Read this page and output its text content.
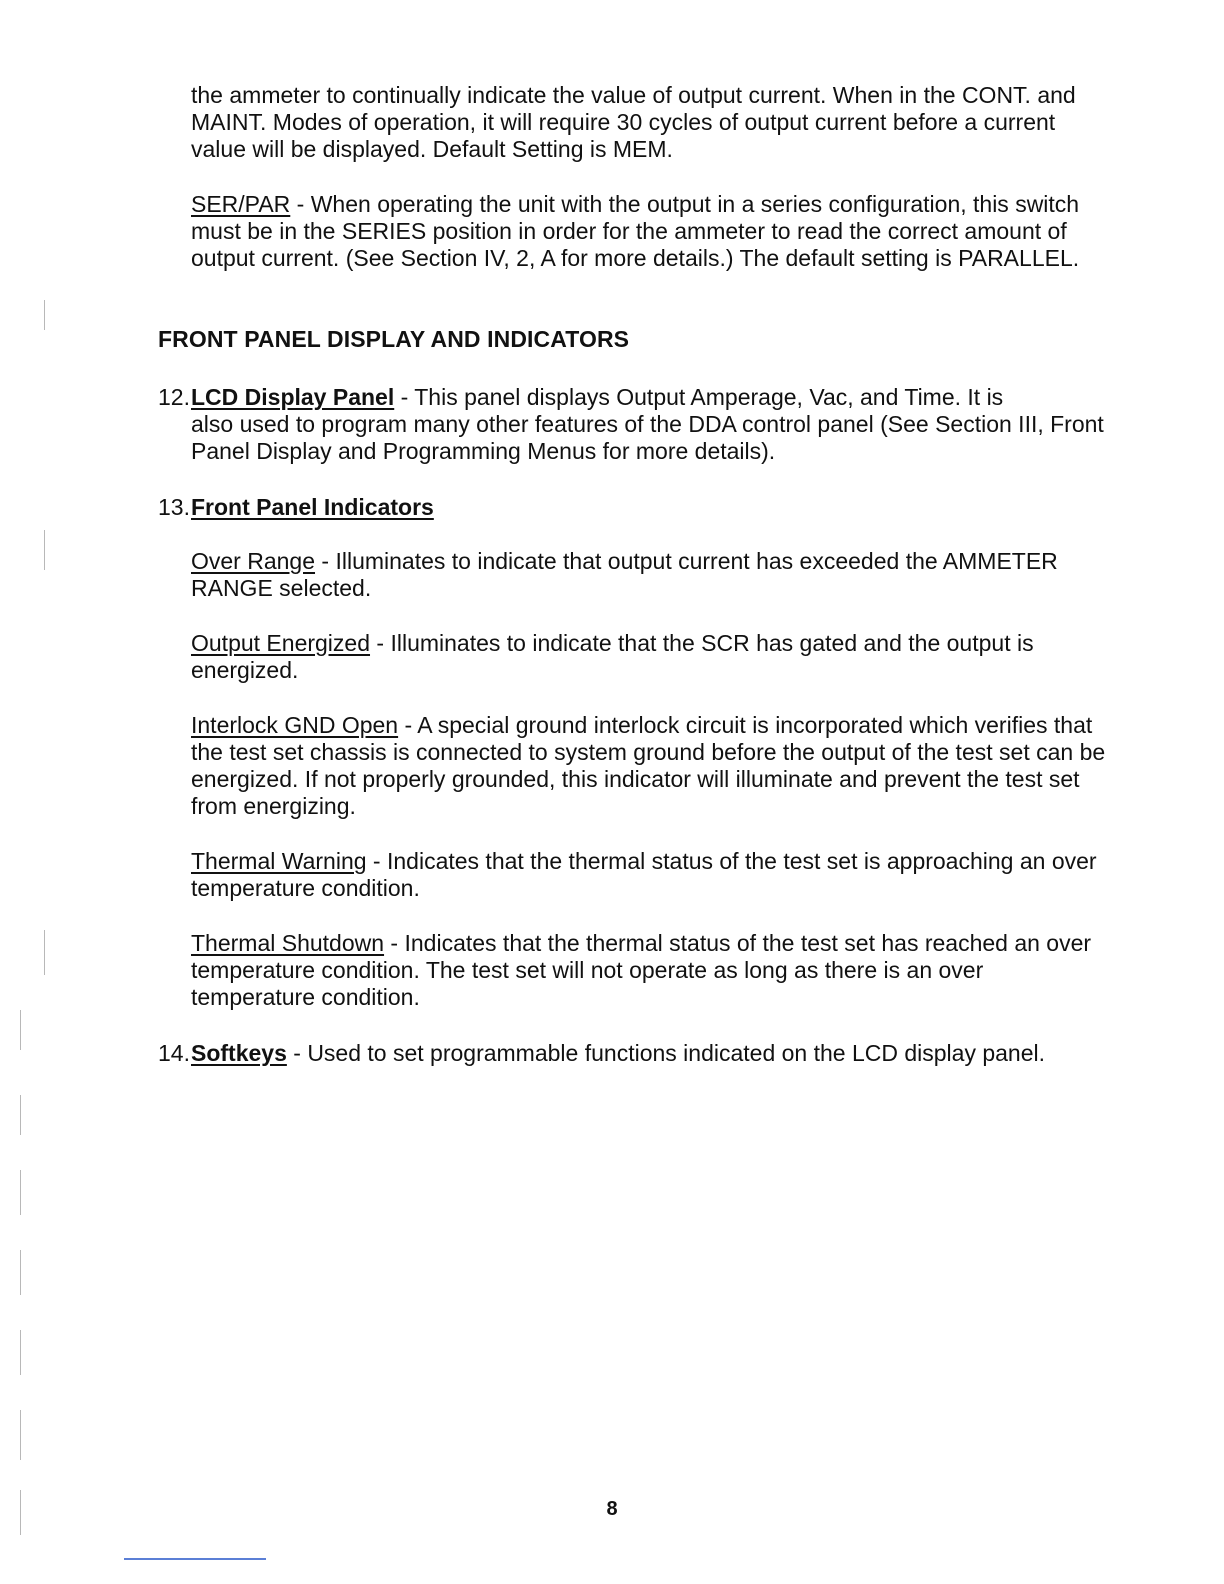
the ammeter to continually indicate the value of output current. When in the CONT. and MAINT. Modes of operation, it will require 30 cycles of output current before a current value will be displayed. Default Setting is MEM.

SER/PAR - When operating the unit with the output in a series configuration, this switch must be in the SERIES position in order for the ammeter to read the correct amount of output current. (See Section IV, 2, A for more details.) The default setting is PARALLEL.

FRONT PANEL DISPLAY AND INDICATORS

12.LCD Display Panel - This panel displays Output Amperage, Vac, and Time. It is
also used to program many other features of the DDA control panel (See Section III, Front Panel Display and Programming Menus for more details).

13.Front Panel Indicators

Over Range - Illuminates to indicate that output current has exceeded the AMMETER RANGE selected.

Output Energized - Illuminates to indicate that the SCR has gated and the output is energized.

Interlock GND Open - A special ground interlock circuit is incorporated which verifies that the test set chassis is connected to system ground before the output of the test set can be energized. If not properly grounded, this indicator will illuminate and prevent the test set from energizing.

Thermal Warning - Indicates that the thermal status of the test set is approaching an over temperature condition.

Thermal Shutdown - Indicates that the thermal status of the test set has reached an over temperature condition. The test set will not operate as long as there is an over temperature condition.

14.Softkeys - Used to set programmable functions indicated on the LCD display panel.

8
